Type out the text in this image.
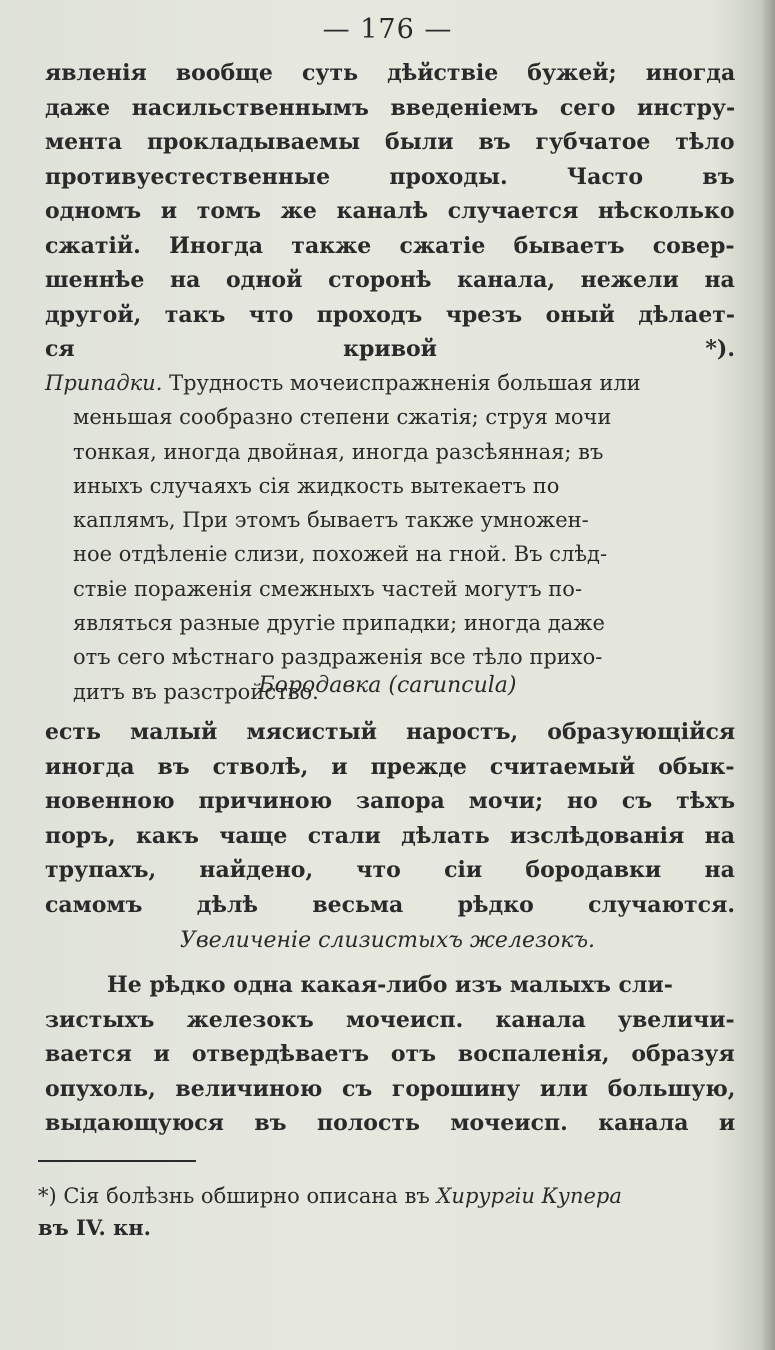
— 176 —
явленія вообще суть дѣйствіе бужей; иногда
даже насильственнымъ введеніемъ сего инстру-
мента прокладываемы были въ губчатое тѣло
противуестественные проходы. Часто въ
одномъ и томъ же каналѣ случается нѣсколько
сжатій. Иногда также сжатіе бываетъ совер-
шеннѣе на одной сторонѣ канала, нежели на
другой, такъ что проходъ чрезъ оный дѣлает-
ся кривой *).
Припадки. Трудность мочеиспражненія большая или
меньшая сообразно степени сжатія; струя мочи
тонкая, иногда двойная, иногда разсѣянная; въ
иныхъ случаяхъ сія жидкость вытекаетъ по
каплямъ, При этомъ бываетъ также умножен-
ное отдѣленіе слизи, похожей на гной. Въ слѣд-
ствіе пораженія смежныхъ частей могутъ по-
являться разные другіе припадки; иногда даже
отъ сего мѣстнаго раздраженія все тѣло прихо-
дитъ въ разстройство.
Бородавка (caruncula)
есть малый мясистый наростъ, образующійся
иногда въ стволѣ, и прежде считаемый обык-
новенною причиною запора мочи; но съ тѣхъ
поръ, какъ чаще стали дѣлать изслѣдованія на
трупахъ, найдено, что сіи бородавки на
самомъ дѣлѣ весьма рѣдко случаются.
Увеличеніе слизистыхъ железокъ.
Не рѣдко одна какая-либо изъ малыхъ сли-
зистыхъ железокъ мочеисп. канала увеличи-
вается и отвердѣваетъ отъ воспаленія, образуя
опухоль, величиною съ горошину или большую,
выдающуюся въ полость мочеисп. канала и
*) Сія болѣзнь обширно описана въ Хирургіи Купера
въ IV. кн.
